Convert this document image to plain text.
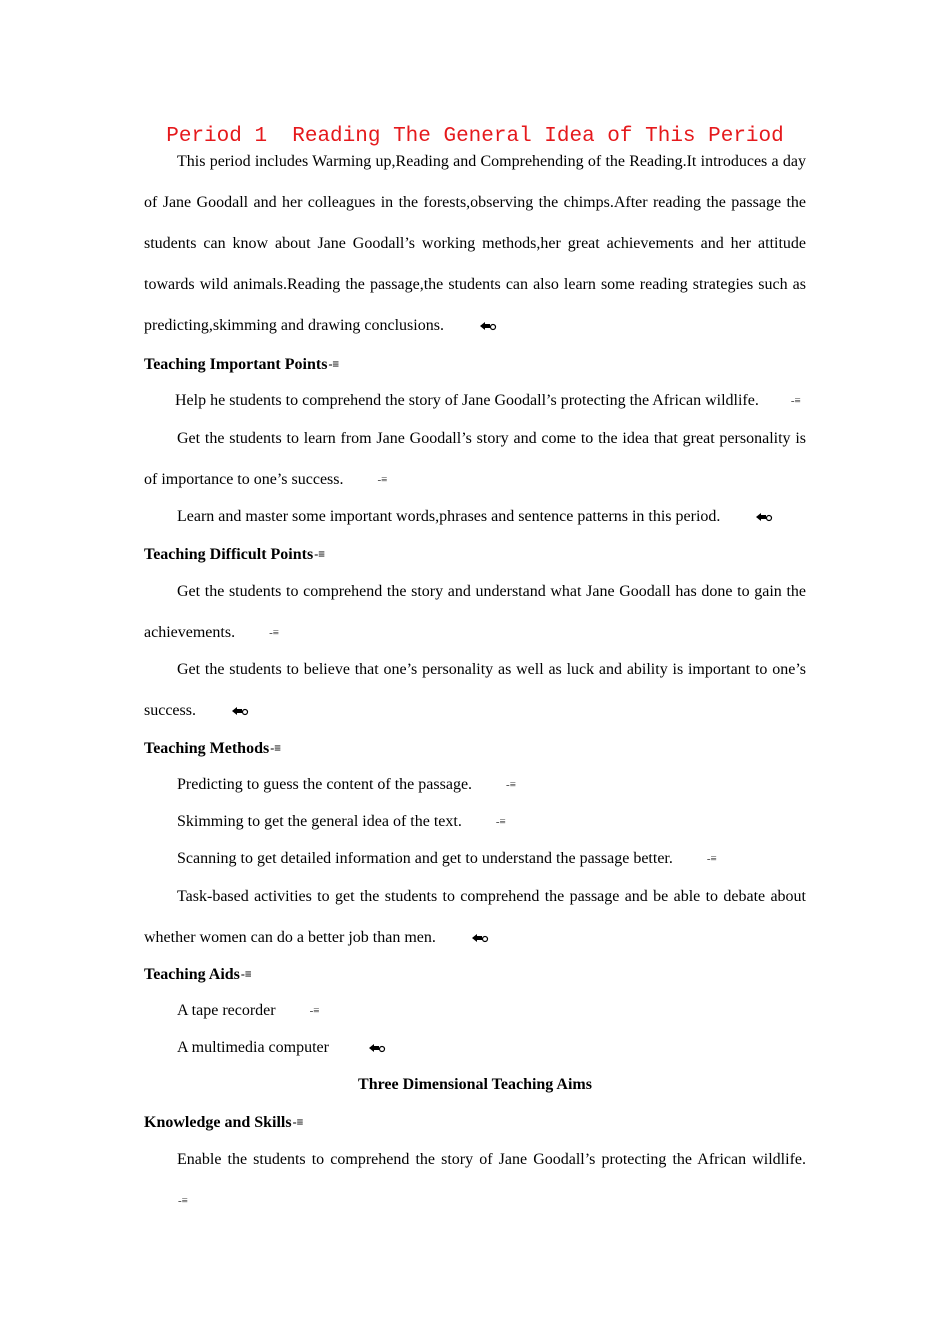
Period 1  Reading The General Idea of This Period

This period includes Warming up,Reading and Comprehending of the Reading.It introduces a day of Jane Goodall and her colleagues in the forests,observing the chimps.After reading the passage the students can know about Jane Goodall’s working methods,her great achievements and her attitude towards wild animals.Reading the passage,the students can also learn some reading strategies such as predicting,skimming and drawing conclusions.

Teaching Important Points-≡
Help he students to comprehend the story of Jane Goodall’s protecting the African wildlife.	-≡

Get the students to learn from Jane Goodall’s story and come to the idea that great personality is of importance to one’s success.	-≡

Learn and master some important words,phrases and sentence patterns in this period.
Teaching Difficult Points-≡

Get the students to comprehend the story and understand what Jane Goodall has done to gain the achievements.	-≡

Get the students to believe that one’s personality as well as luck and ability is important to one’s success.

Teaching Methods-≡
Predicting to guess the content of the passage.	-≡
Skimming to get the general idea of the text.	-≡
Scanning to get detailed information and get to understand the passage better.	-≡

Task-based activities to get the students to comprehend the passage and be able to debate about whether women can do a better job than men.

Teaching Aids-≡
A tape recorder	-≡
A multimedia computer
Three Dimensional Teaching Aims
Knowledge and Skills-≡

Enable the students to comprehend the story of Jane Goodall’s protecting the African wildlife.-≡
